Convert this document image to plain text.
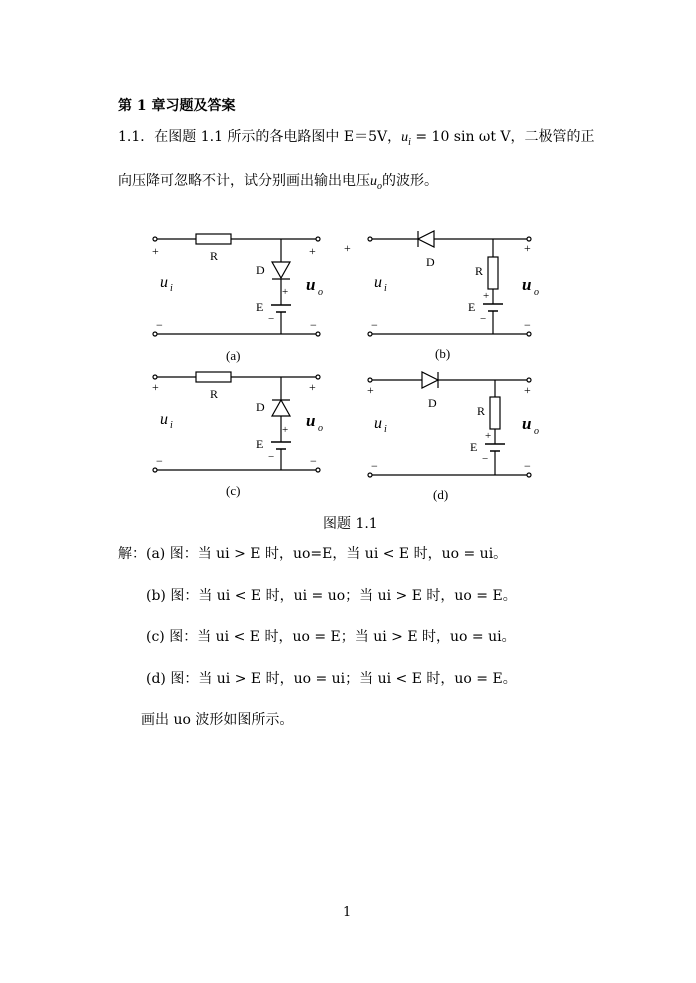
第 1 章习题及答案
1.1．在图题 1.1 所示的各电路图中 E＝5V，$u_i = 10$ sin ωt V，二极管的正
向压降可忽略不计，试分别画出输出电压$u_o$的波形。
+	+
R
D
+
E
−
−	−
u i	u o
(a)
+	+
D
R
+
E
−
−	−
u i	u o
(b)
+	+
R
D
+
E
−
−	−
u i	u o
(c)
+	+
D
R
+
E
−
−	−
u i	u o
(d)
图题 1.1
解：(a) 图：当 ui > E 时，uo=E，当 ui < E 时，uo = ui。
(b) 图：当 ui < E 时，ui = uo；当 ui > E 时，uo = E。
(c) 图：当 ui < E 时，uo = E；当 ui > E 时，uo = ui。
(d) 图：当 ui > E 时，uo = ui；当 ui < E 时，uo = E。
画出 uo 波形如图所示。
1
